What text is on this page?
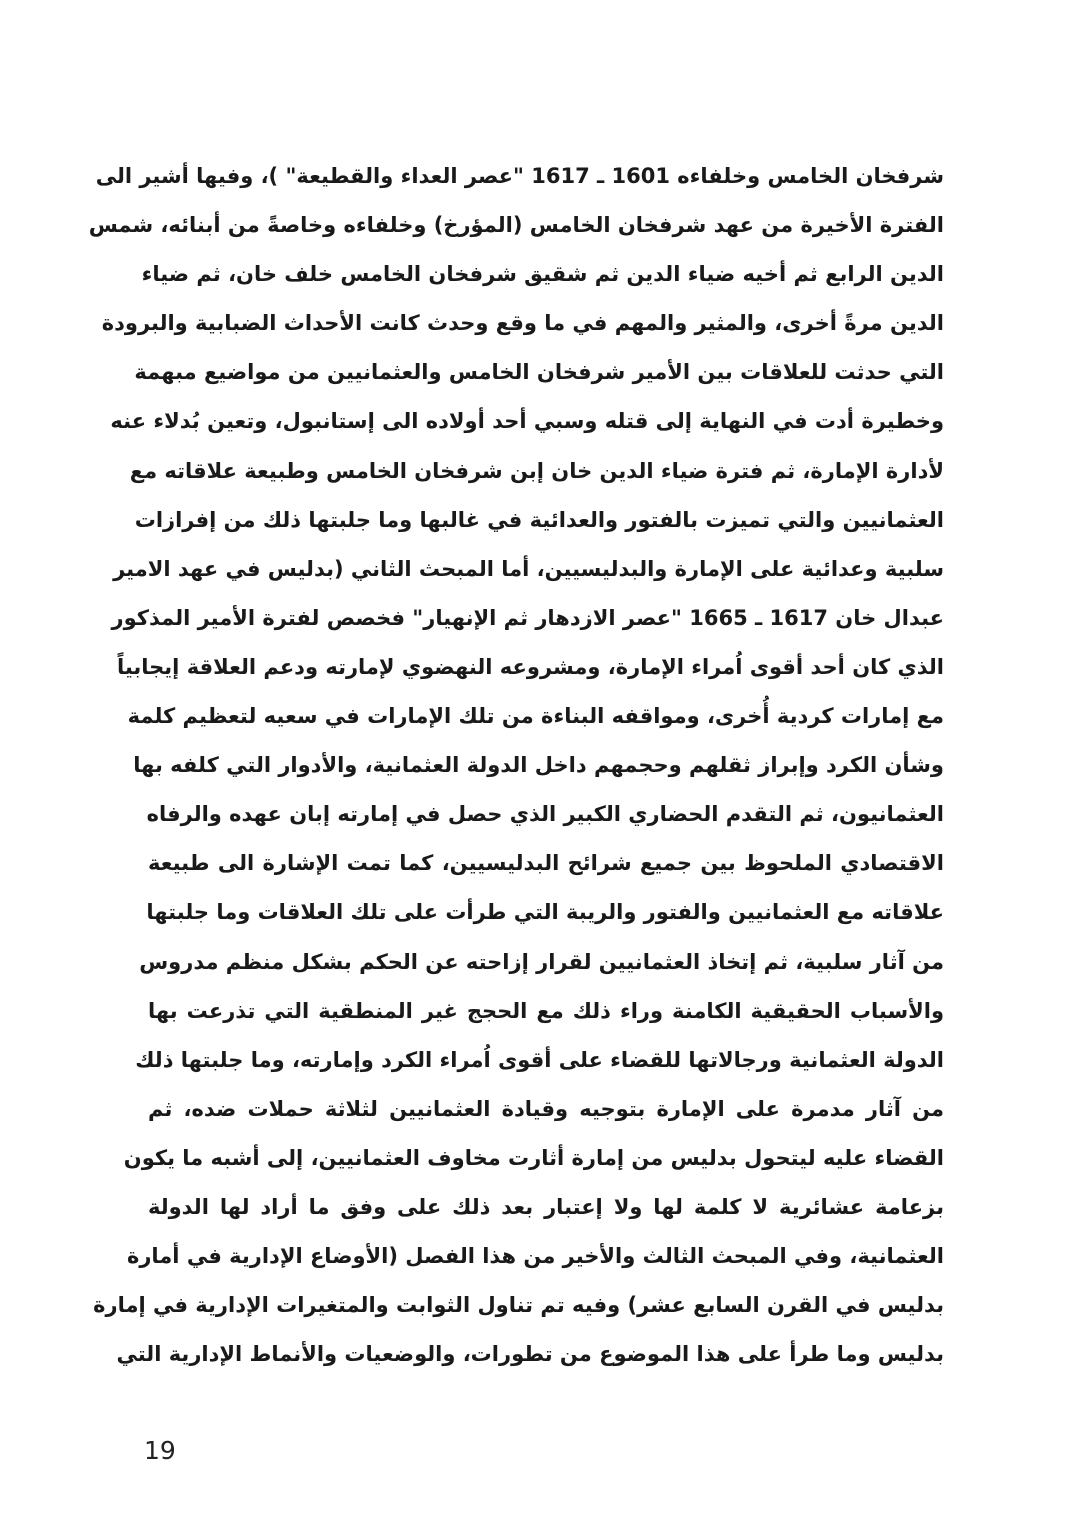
شرفخان الخامس وخلفاءه 1601 ـ 1617 "عصر العداء والقطيعة" )، وفيها أشير الى
الفترة الأخيرة من عهد شرفخان الخامس (المؤرخ) وخلفاءه وخاصةً من أبنائه، شمس
الدين الرابع ثم أخيه ضياء الدين ثم شقيق شرفخان الخامس خلف خان، ثم ضياء
الدين مرةً أخرى، والمثير والمهم في ما وقع وحدث كانت الأحداث الضبابية والبرودة
التي حدثت للعلاقات بين الأمير شرفخان الخامس والعثمانيين من مواضيع مبهمة
وخطيرة أدت في النهاية إلى قتله وسبي أحد أولاده الى إستانبول، وتعين بُدلاء عنه
لأدارة الإمارة، ثم فترة ضياء الدين خان إبن شرفخان الخامس وطبيعة علاقاته مع
العثمانيين والتي تميزت بالفتور والعدائية في غالبها وما جلبتها ذلك من إفرازات
سلبية وعدائية على الإمارة والبدليسيين، أما المبحث الثاني (بدليس في عهد الامير
عبدال خان 1617 ـ 1665 "عصر الازدهار ثم الإنهيار" فخصص لفترة الأمير المذكور
الذي كان أحد أقوى اُمراء الإمارة، ومشروعه النهضوي لإمارته ودعم العلاقة إيجابياً
مع إمارات كردية أُخرى، ومواقفه البناءة من تلك الإمارات في سعيه لتعظيم كلمة
وشأن الكرد وإبراز ثقلهم وحجمهم داخل الدولة العثمانية، والأدوار التي كلفه بها
العثمانيون، ثم التقدم الحضاري الكبير الذي حصل في إمارته إبان عهده والرفاه
الاقتصادي الملحوظ بين جميع شرائح البدليسيين، كما تمت الإشارة الى طبيعة
علاقاته مع العثمانيين والفتور والريبة التي طرأت على تلك العلاقات وما جلبتها
من آثار سلبية، ثم إتخاذ العثمانيين لقرار إزاحته عن الحكم بشكل منظم مدروس
والأسباب الحقيقية الكامنة وراء ذلك مع الحجج غير المنطقية التي تذرعت بها
الدولة العثمانية ورجالاتها للقضاء على أقوى اُمراء الكرد وإمارته، وما جلبتها ذلك
من آثار مدمرة على الإمارة بتوجيه وقيادة العثمانيين لثلاثة حملات ضده، ثم
القضاء عليه ليتحول بدليس من إمارة أثارت مخاوف العثمانيين، إلى أشبه ما يكون
بزعامة عشائرية لا كلمة لها ولا إعتبار بعد ذلك على وفق ما أراد لها الدولة
العثمانية، وفي المبحث الثالث والأخير من هذا الفصل (الأوضاع الإدارية في أمارة
بدليس في القرن السابع عشر) وفيه تم تناول الثوابت والمتغيرات الإدارية في إمارة
بدليس وما طرأ على هذا الموضوع من تطورات، والوضعيات والأنماط الإدارية التي
19
